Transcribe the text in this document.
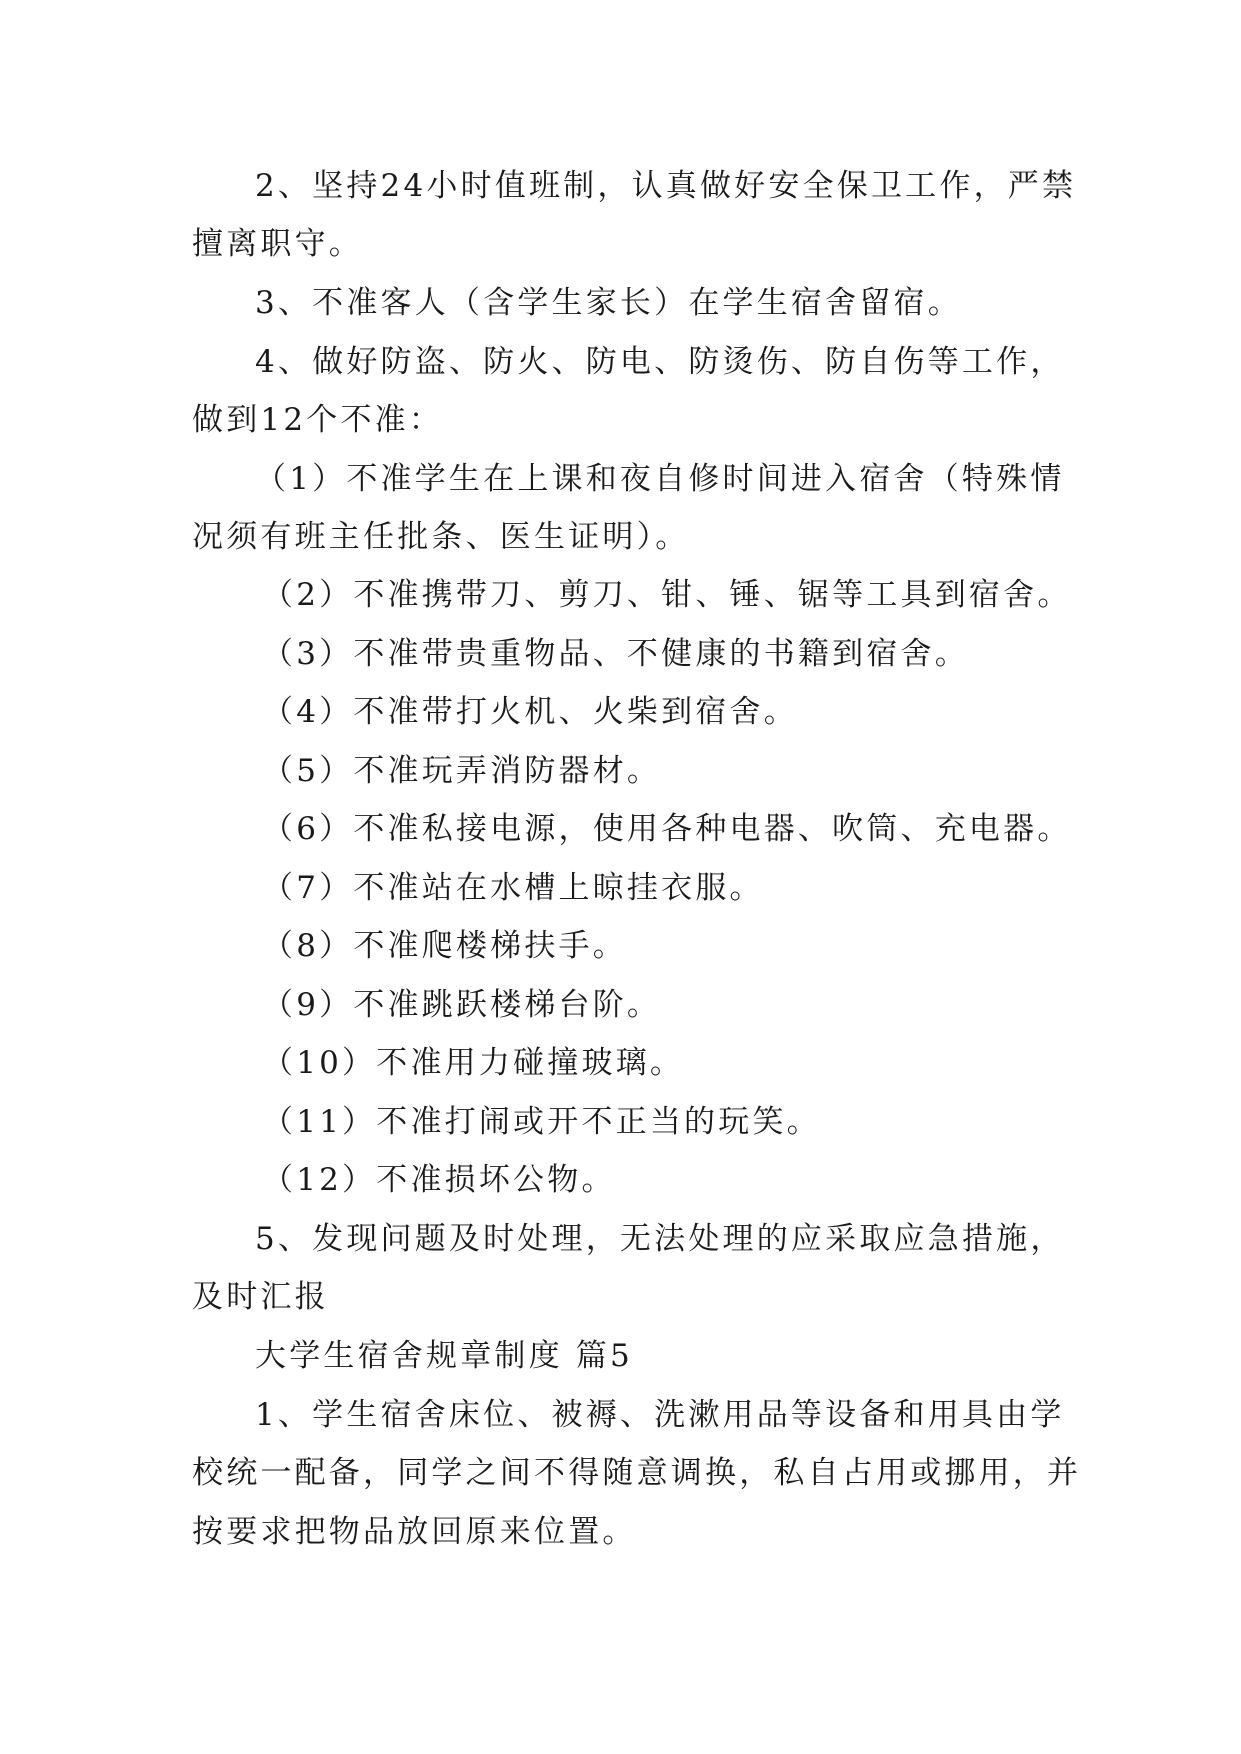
2、坚持24小时值班制，认真做好安全保卫工作，严禁
擅离职守。
3、不准客人（含学生家长）在学生宿舍留宿。
4、做好防盗、防火、防电、防烫伤、防自伤等工作，
做到12个不准：
（1）不准学生在上课和夜自修时间进入宿舍（特殊情
况须有班主任批条、医生证明）。
（2）不准携带刀、剪刀、钳、锤、锯等工具到宿舍。
（3）不准带贵重物品、不健康的书籍到宿舍。
（4）不准带打火机、火柴到宿舍。
（5）不准玩弄消防器材。
（6）不准私接电源，使用各种电器、吹筒、充电器。
（7）不准站在水槽上晾挂衣服。
（8）不准爬楼梯扶手。
（9）不准跳跃楼梯台阶。
（10）不准用力碰撞玻璃。
（11）不准打闹或开不正当的玩笑。
（12）不准损坏公物。
5、发现问题及时处理，无法处理的应采取应急措施，
及时汇报
大学生宿舍规章制度 篇5
1、学生宿舍床位、被褥、洗漱用品等设备和用具由学
校统一配备，同学之间不得随意调换，私自占用或挪用，并
按要求把物品放回原来位置。
